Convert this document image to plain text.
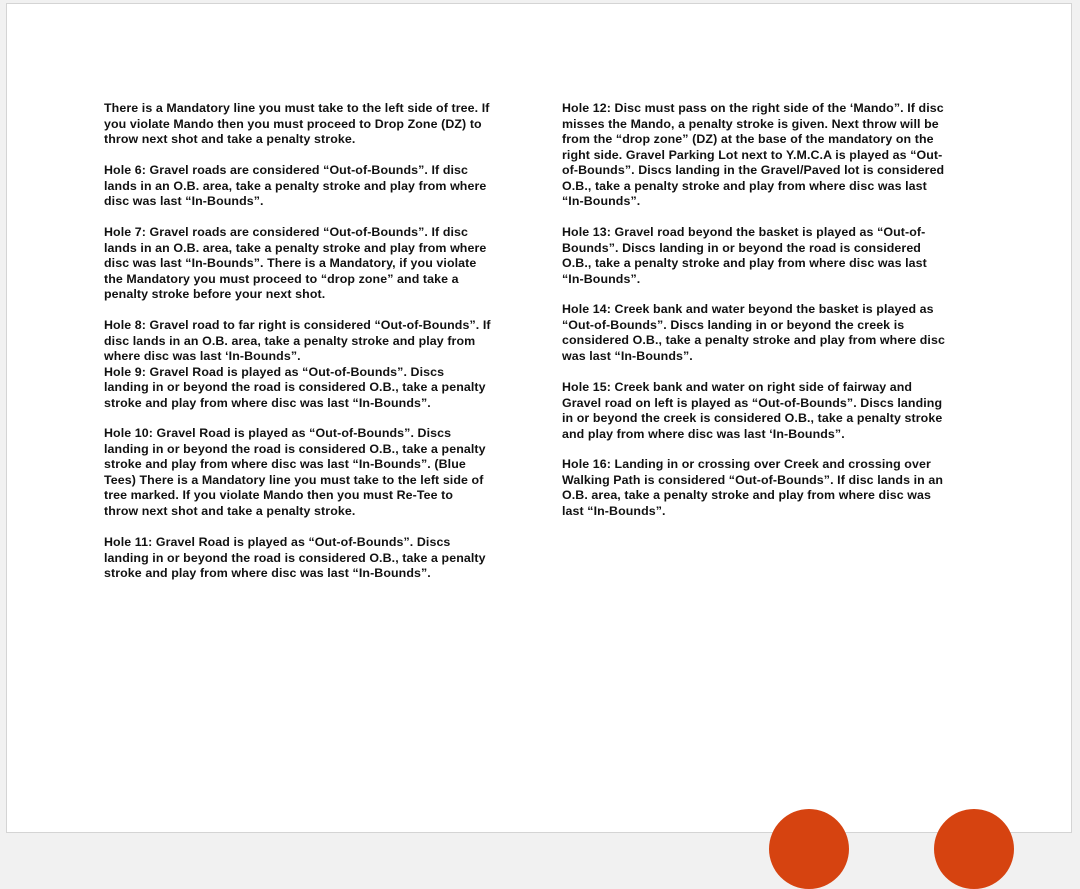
There is a Mandatory line you must take to the left side of tree. If
you violate Mando then you must proceed to Drop Zone (DZ) to
throw next shot and take a penalty stroke.
Hole 6: Gravel roads are considered “Out-of-Bounds”. If disc
lands in an O.B. area, take a penalty stroke and play from where
disc was last “In-Bounds”.
Hole 7: Gravel roads are considered “Out-of-Bounds”. If disc
lands in an O.B. area, take a penalty stroke and play from where
disc was last “In-Bounds”. There is a Mandatory, if you violate
the Mandatory you must proceed to “drop zone” and take a
penalty stroke before your next shot.
Hole 8: Gravel road to far right is considered “Out-of-Bounds”. If
disc lands in an O.B. area, take a penalty stroke and play from
where disc was last ‘In-Bounds”.
Hole 9: Gravel Road is played as “Out-of-Bounds”. Discs
landing in or beyond the road is considered O.B., take a penalty
stroke and play from where disc was last “In-Bounds”.
Hole 10: Gravel Road is played as “Out-of-Bounds”. Discs
landing in or beyond the road is considered O.B., take a penalty
stroke and play from where disc was last “In-Bounds”. (Blue
Tees) There is a Mandatory line you must take to the left side of
tree marked. If you violate Mando then you must Re-Tee to
throw next shot and take a penalty stroke.
Hole 11: Gravel Road is played as “Out-of-Bounds”. Discs
landing in or beyond the road is considered O.B., take a penalty
stroke and play from where disc was last “In-Bounds”.
Hole 12: Disc must pass on the right side of the ‘Mando”. If disc
misses the Mando, a penalty stroke is given. Next throw will be
from the “drop zone” (DZ) at the base of the mandatory on the
right side. Gravel Parking Lot next to Y.M.C.A is played as “Out-
of-Bounds”. Discs landing in the Gravel/Paved lot is considered
O.B., take a penalty stroke and play from where disc was last
“In-Bounds”.
Hole 13: Gravel road beyond the basket is played as “Out-of-
Bounds”. Discs landing in or beyond the road is considered
O.B., take a penalty stroke and play from where disc was last
“In-Bounds”.
Hole 14: Creek bank and water beyond the basket is played as
“Out-of-Bounds”. Discs landing in or beyond the creek is
considered O.B., take a penalty stroke and play from where disc
was last “In-Bounds”.
Hole 15: Creek bank and water on right side of fairway and
Gravel road on left is played as “Out-of-Bounds”. Discs landing
in or beyond the creek is considered O.B., take a penalty stroke
and play from where disc was last ‘In-Bounds”.
Hole 16: Landing in or crossing over Creek and crossing over
Walking Path is considered “Out-of-Bounds”. If disc lands in an
O.B. area, take a penalty stroke and play from where disc was
last “In-Bounds”.
